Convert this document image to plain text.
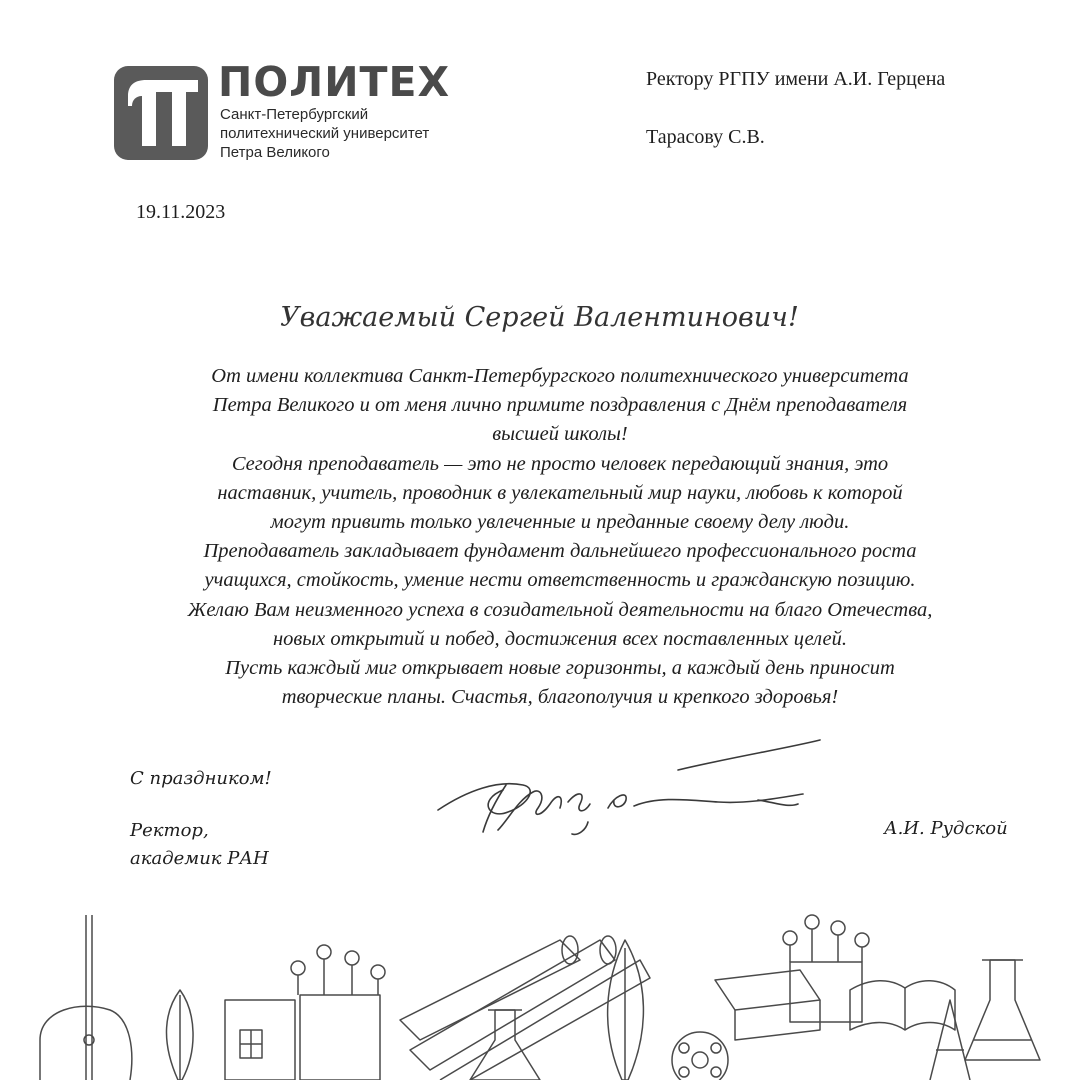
ПОЛИТЕХ
Санкт-Петербургский
политехнический университет
Петра Великого
Ректору РГПУ имени А.И. Герцена
Тарасову С.В.
19.11.2023
Уважаемый Сергей Валентинович!
От имени коллектива Санкт-Петербургского политехнического университета
Петра Великого и от меня лично примите поздравления с Днём преподавателя
высшей школы!
Сегодня преподаватель — это не просто человек передающий знания, это
наставник, учитель, проводник в увлекательный мир науки, любовь к которой
могут привить только увлеченные и преданные своему делу люди.
Преподаватель закладывает фундамент дальнейшего профессионального роста
учащихся, стойкость, умение нести ответственность и гражданскую позицию.
Желаю Вам неизменного успеха в созидательной деятельности на благо Отечества,
новых открытий и побед, достижения всех поставленных целей.
Пусть каждый миг открывает новые горизонты, а каждый день приносит
творческие планы. Счастья, благополучия и крепкого здоровья!
С праздником!
Ректор,
академик РАН
А.И. Рудской
